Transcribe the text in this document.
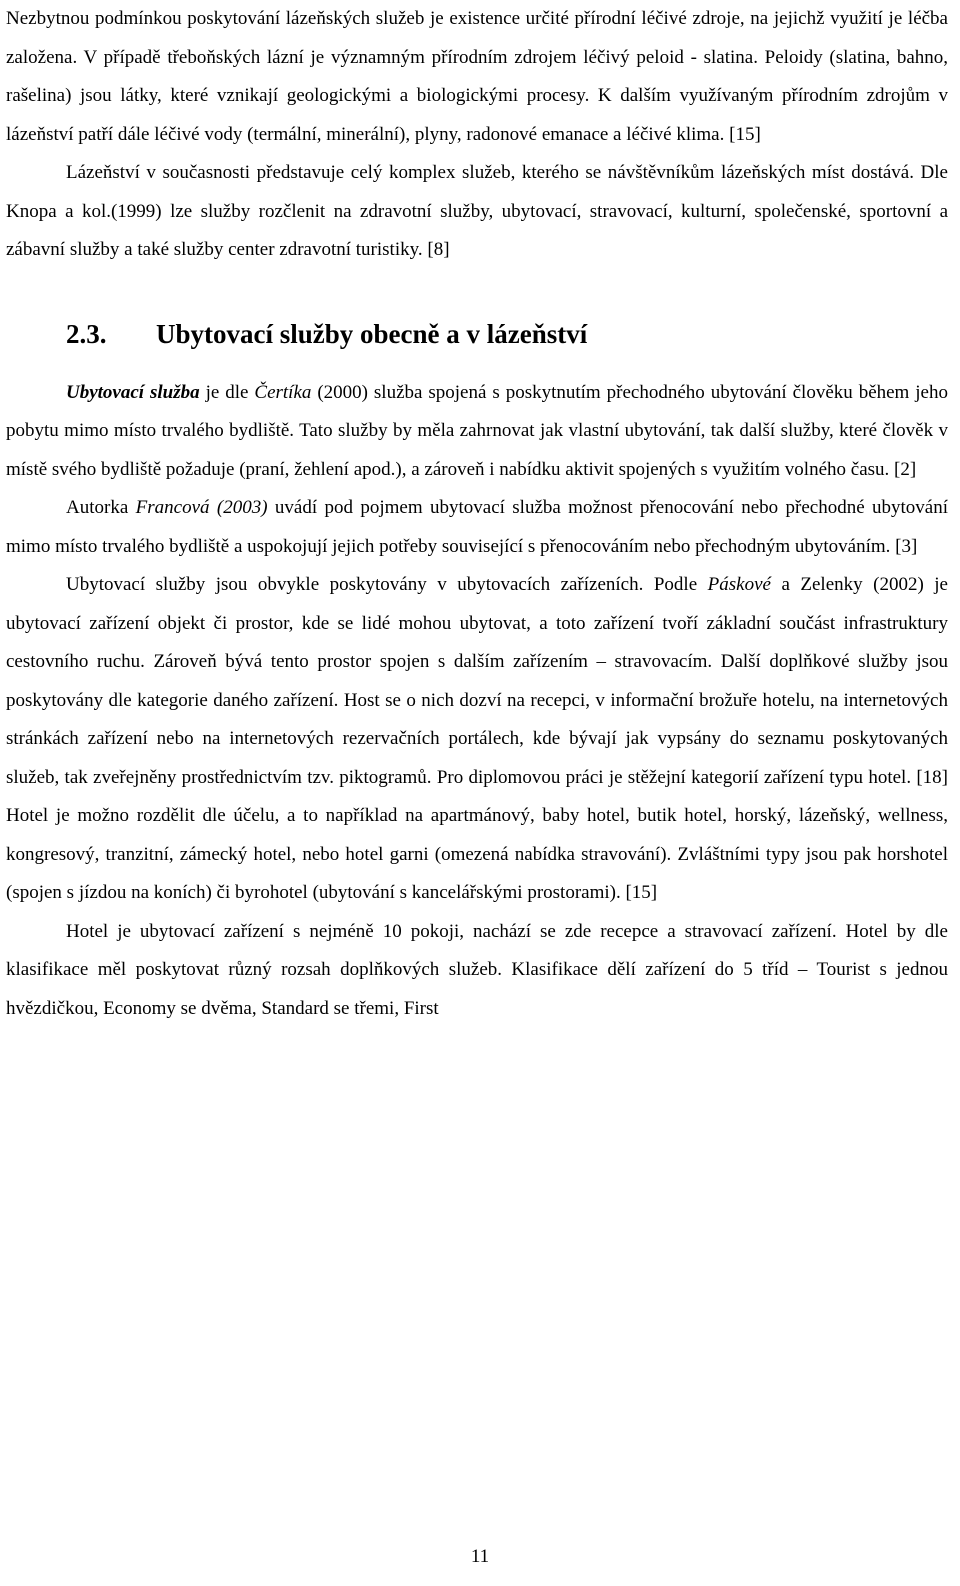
Nezbytnou podmínkou poskytování lázeňských služeb je existence určité přírodní léčivé zdroje, na jejichž využití je léčba založena. V případě třeboňských lázní je významným přírodním zdrojem léčivý peloid - slatina. Peloidy (slatina, bahno, rašelina) jsou látky, které vznikají geologickými a biologickými procesy. K dalším využívaným přírodním zdrojům v lázeňství patří dále léčivé vody (termální, minerální), plyny, radonové emanace a léčivé klima. [15]

Lázeňství v současnosti představuje celý komplex služeb, kterého se návštěvníkům lázeňských míst dostává. Dle Knopa a kol.(1999) lze služby rozčlenit na zdravotní služby, ubytovací, stravovací, kulturní, společenské, sportovní a zábavní služby a také služby center zdravotní turistiky. [8]

2.3.	Ubytovací služby obecně a v lázeňství

Ubytovací služba je dle Čertíka (2000) služba spojená s poskytnutím přechodného ubytování člověku během jeho pobytu mimo místo trvalého bydliště. Tato služby by měla zahrnovat jak vlastní ubytování, tak další služby, které člověk v místě svého bydliště požaduje (praní, žehlení apod.), a zároveň i nabídku aktivit spojených s využitím volného času. [2]

Autorka Francová (2003) uvádí pod pojmem ubytovací služba možnost přenocování nebo přechodné ubytování mimo místo trvalého bydliště a uspokojují jejich potřeby související s přenocováním nebo přechodným ubytováním. [3]

Ubytovací služby jsou obvykle poskytovány v ubytovacích zařízeních. Podle Páskové a Zelenky (2002) je ubytovací zařízení objekt či prostor, kde se lidé mohou ubytovat, a toto zařízení tvoří základní součást infrastruktury cestovního ruchu. Zároveň bývá tento prostor spojen s dalším zařízením – stravovacím. Další doplňkové služby jsou poskytovány dle kategorie daného zařízení. Host se o nich dozví na recepci, v informační brožuře hotelu, na internetových stránkách zařízení nebo na internetových rezervačních portálech, kde bývají jak vypsány do seznamu poskytovaných služeb, tak zveřejněny prostřednictvím tzv. piktogramů. Pro diplomovou práci je stěžejní kategorií zařízení typu hotel. [18] Hotel je možno rozdělit dle účelu, a to například na apartmánový, baby hotel, butik hotel, horský, lázeňský, wellness, kongresový, tranzitní, zámecký hotel, nebo hotel garni (omezená nabídka stravování). Zvláštními typy jsou pak horshotel (spojen s jízdou na koních) či byrohotel (ubytování s kancelářskými prostorami). [15]

Hotel je ubytovací zařízení s nejméně 10 pokoji, nachází se zde recepce a stravovací zařízení. Hotel by dle klasifikace měl poskytovat různý rozsah doplňkových služeb. Klasifikace dělí zařízení do 5 tříd – Tourist s jednou hvězdičkou, Economy se dvěma, Standard se třemi, First

11
